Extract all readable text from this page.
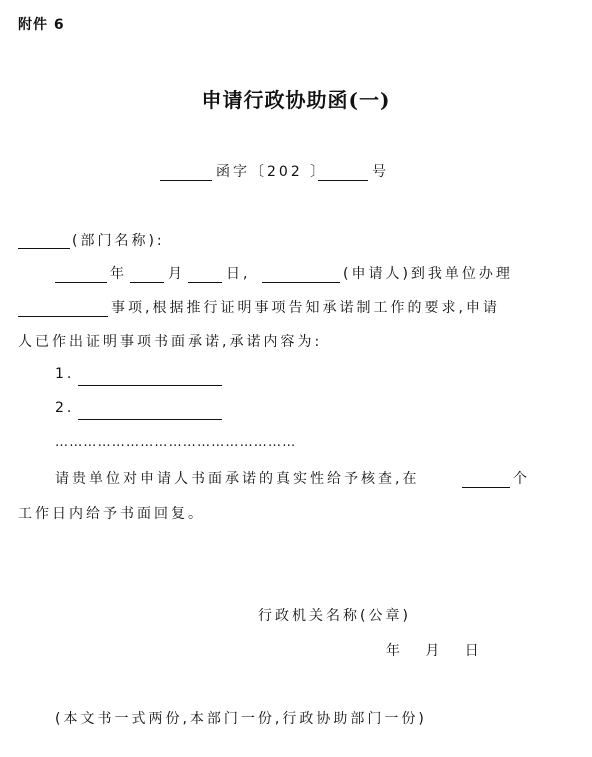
附件 6
申请行政协助函(一)
函字〔202 〕	号
(部门名称):
年	月	日,	(申请人)到我单位办理
事项,根据推行证明事项告知承诺制工作的要求,申请
人已作出证明事项书面承诺,承诺内容为:
1.
2.
……………………………………………
请贵单位对申请人书面承诺的真实性给予核查,在	个
工作日内给予书面回复。
行政机关名称(公章)
年   月   日
(本文书一式两份,本部门一份,行政协助部门一份)
